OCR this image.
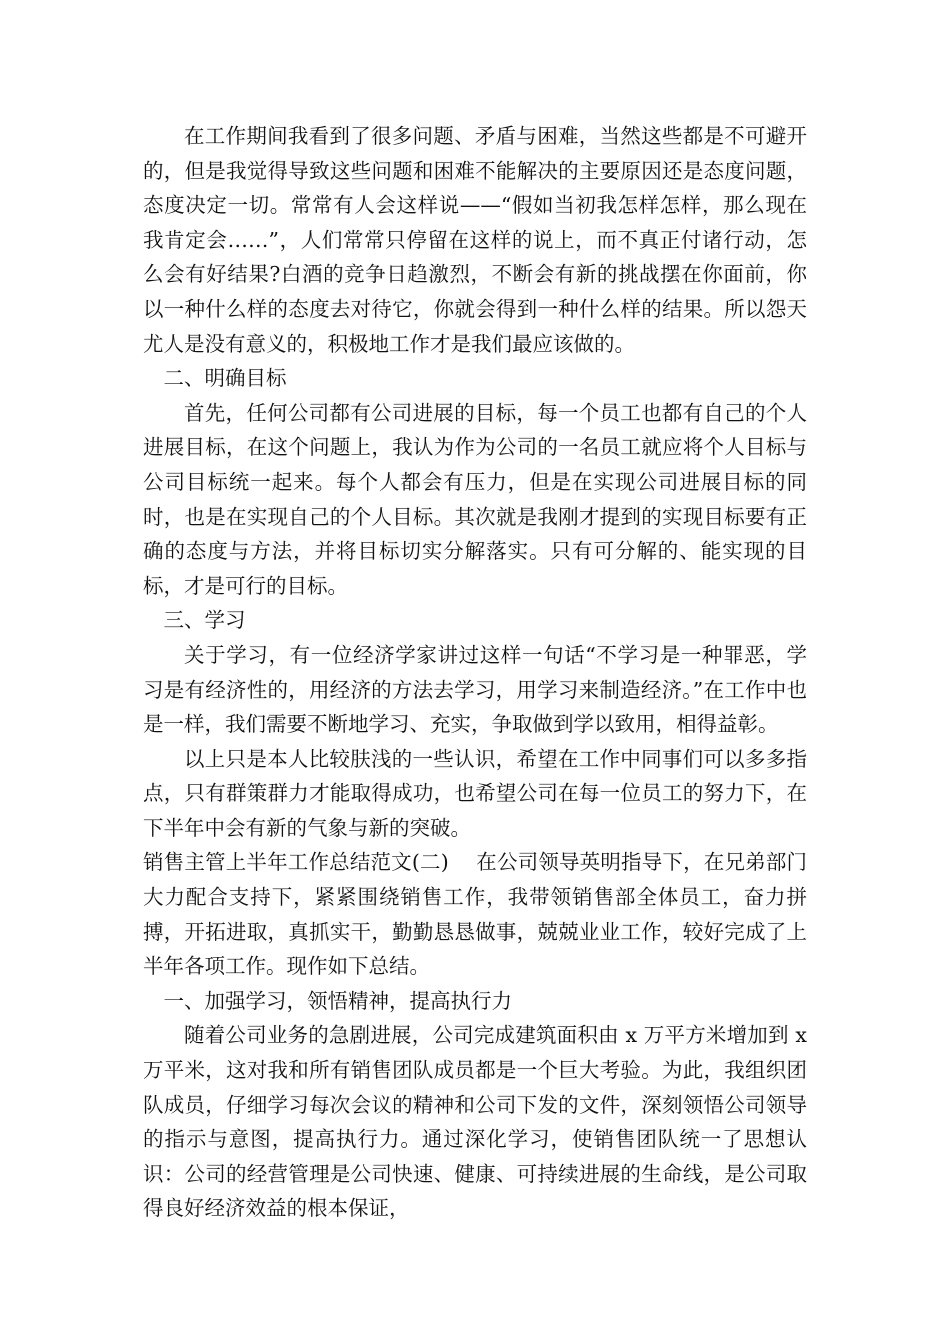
在工作期间我看到了很多问题、矛盾与困难，当然这些都是不可避开的，但是我觉得导致这些问题和困难不能解决的主要原因还是态度问题，态度决定一切。常常有人会这样说——“假如当初我怎样怎样，那么现在我肯定会……”，人们常常只停留在这样的说上，而不真正付诸行动，怎么会有好结果?白酒的竞争日趋激烈，不断会有新的挑战摆在你面前，你以一种什么样的态度去对待它，你就会得到一种什么样的结果。所以怨天尤人是没有意义的，积极地工作才是我们最应该做的。

二、明确目标

首先，任何公司都有公司进展的目标，每一个员工也都有自己的个人进展目标，在这个问题上，我认为作为公司的一名员工就应将个人目标与公司目标统一起来。每个人都会有压力，但是在实现公司进展目标的同时，也是在实现自己的个人目标。其次就是我刚才提到的实现目标要有正确的态度与方法，并将目标切实分解落实。只有可分解的、能实现的目标，才是可行的目标。

三、学习

关于学习，有一位经济学家讲过这样一句话“不学习是一种罪恶，学习是有经济性的，用经济的方法去学习，用学习来制造经济。”在工作中也是一样，我们需要不断地学习、充实，争取做到学以致用，相得益彰。

以上只是本人比较肤浅的一些认识，希望在工作中同事们可以多多指点，只有群策群力才能取得成功，也希望公司在每一位员工的努力下，在下半年中会有新的气象与新的突破。

销售主管上半年工作总结范文(二)　 在公司领导英明指导下，在兄弟部门大力配合支持下，紧紧围绕销售工作，我带领销售部全体员工，奋力拼搏，开拓进取，真抓实干，勤勤恳恳做事，兢兢业业工作，较好完成了上半年各项工作。现作如下总结。

一、加强学习，领悟精神，提高执行力

随着公司业务的急剧进展，公司完成建筑面积由 x 万平方米增加到 x 万平米，这对我和所有销售团队成员都是一个巨大考验。为此，我组织团队成员，仔细学习每次会议的精神和公司下发的文件，深刻领悟公司领导的指示与意图，提高执行力。通过深化学习，使销售团队统一了思想认识：公司的经营管理是公司快速、健康、可持续进展的生命线，是公司取得良好经济效益的根本保证，
